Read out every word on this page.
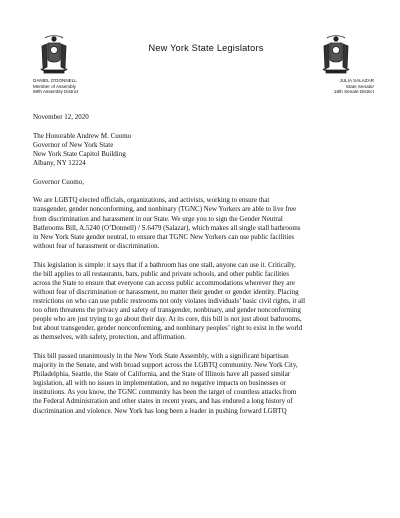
New York State Legislators
DANIEL O'DONNELL
Member of Assembly
69th Assembly District
JULIA SALAZAR
State Senator
18th Senate District
November 12, 2020
The Honorable Andrew M. Cuomo
Governor of New York State
New York State Capitol Building
Albany, NY 12224
Governor Cuomo,
We are LGBTQ elected officials, organizations, and activists, working to ensure that
transgender, gender nonconforming, and nonbinary (TGNC) New Yorkers are able to live free
from discrimination and harassment in our State. We urge you to sign the Gender Neutral
Bathrooms Bill, A.5240 (O’Donnell) / S.6479 (Salazar), which makes all single stall bathrooms
in New York State gender neutral, to ensure that TGNC New Yorkers can use public facilities
without fear of harassment or discrimination.
This legislation is simple: it says that if a bathroom has one stall, anyone can use it. Critically,
the bill applies to all restaurants, bars, public and private schools, and other public facilities
across the State to ensure that everyone can access public accommodations wherever they are
without fear of discrimination or harassment, no matter their gender or gender identity. Placing
restrictions on who can use public restrooms not only violates individuals’ basic civil rights, it all
too often threatens the privacy and safety of transgender, nonbinary, and gender nonconforming
people who are just trying to go about their day. At its core, this bill is not just about bathrooms,
but about transgender, gender nonconforming, and nonbinary peoples’ right to exist in the world
as themselves, with safety, protection, and affirmation.
This bill passed unanimously in the New York State Assembly, with a significant bipartisan
majority in the Senate, and with broad support across the LGBTQ community. New York City,
Philadelphia, Seattle, the State of California, and the State of Illinois have all passed similar
legislation, all with no issues in implementation, and no negative impacts on businesses or
institutions. As you know, the TGNC community has been the target of countless attacks from
the Federal Administration and other states in recent years, and has endured a long history of
discrimination and violence. New York has long been a leader in pushing forward LGBTQ
